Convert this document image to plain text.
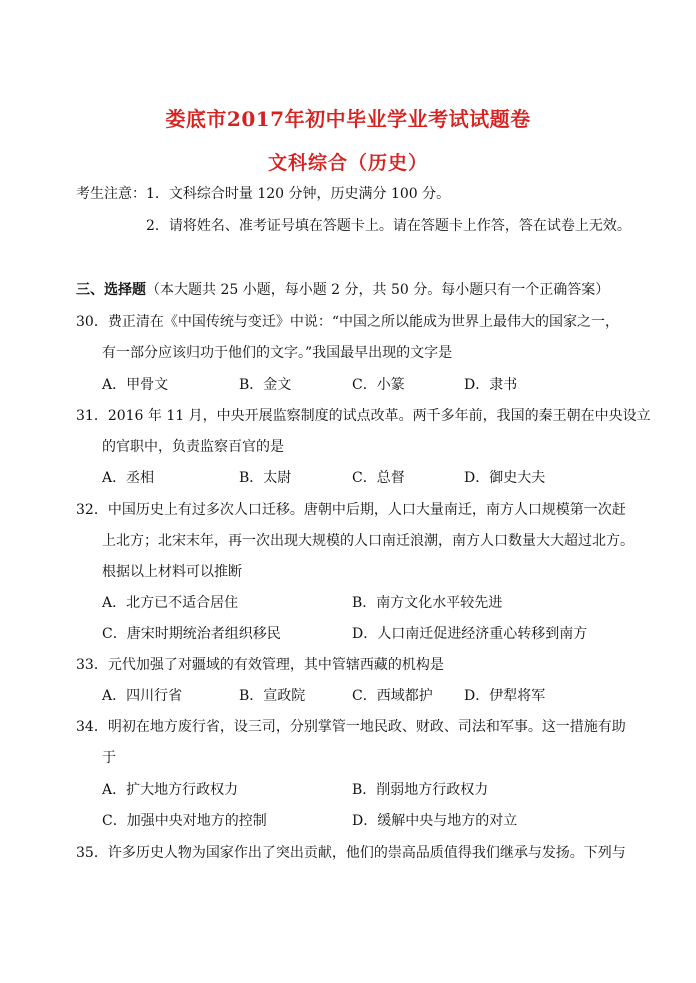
娄底市2017年初中毕业学业考试试题卷
文科综合（历史）
考生注意：1．文科综合时量 120 分钟，历史满分 100 分。
2．请将姓名、准考证号填在答题卡上。请在答题卡上作答，答在试卷上无效。
三、选择题（本大题共 25 小题，每小题 2 分，共 50 分。每小题只有一个正确答案）
30．费正清在《中国传统与变迁》中说：“中国之所以能成为世界上最伟大的国家之一，
有一部分应该归功于他们的文字。”我国最早出现的文字是
A．甲骨文	B．金文	C．小篆	D．隶书
31．2016 年 11 月，中央开展监察制度的试点改革。两千多年前，我国的秦王朝在中央设立
的官职中，负责监察百官的是
A．丞相	B．太尉	C．总督	D．御史大夫
32．中国历史上有过多次人口迁移。唐朝中后期，人口大量南迁，南方人口规模第一次赶
上北方；北宋末年，再一次出现大规模的人口南迁浪潮，南方人口数量大大超过北方。
根据以上材料可以推断
A．北方已不适合居住	B．南方文化水平较先进
C．唐宋时期统治者组织移民	D．人口南迁促进经济重心转移到南方
33．元代加强了对疆域的有效管理，其中管辖西藏的机构是
A．四川行省	B．宣政院	C．西域都护 D．伊犁将军
34．明初在地方废行省，设三司，分别掌管一地民政、财政、司法和军事。这一措施有助
于
A．扩大地方行政权力	B．削弱地方行政权力
C．加强中央对地方的控制	D．缓解中央与地方的对立
35．许多历史人物为国家作出了突出贡献，他们的崇高品质值得我们继承与发扬。下列与
